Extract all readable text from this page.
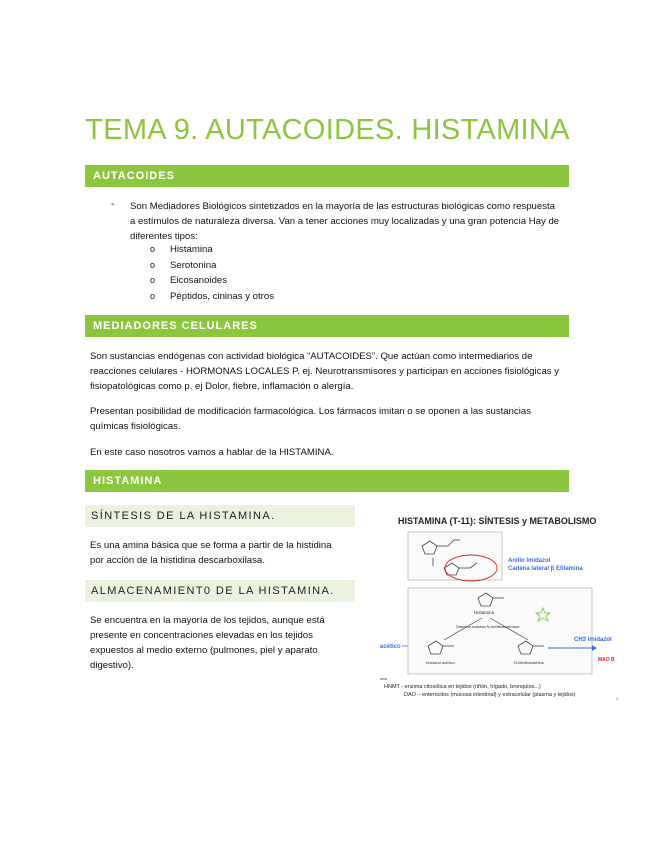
TEMA 9. AUTACOIDES. HISTAMINA
AUTACOIDES
- Son Mediadores Biológicos sintetizados en la mayoría de las estructuras biológicas como respuesta
a estímulos de naturaleza diversa. Van a tener acciones muy localizadas y una gran potencia Hay de
diferentes tipos:
o Histamina
o Serotonina
o Eicosanoides
o Péptidos, cininas y otros
MEDIADORES CELULARES
Son sustancias endógenas con actividad biológica “AUTACOIDES”. Que actúan como intermediarios de
reacciones celulares - HORMONAS LOCALES P. ej. Neurotransmisores y participan en acciones fisiológicas y
fisiopatológicas como p. ej Dolor, fiebre, inflamación o alergía.
Presentan posibilidad de modificación farmacológica. Los fármacos imitan o se oponen a las sustancias
químicas fisiológicas.
En este caso nosotros vamos a hablar de la HISTAMINA.
HISTAMINA
SÍNTESIS DE LA HISTAMINA.
Es una amina básica que se forma a partir de la histidina
por acción de la histidina descarboxilasa.
ALMACENAMIENT0 DE LA HISTAMINA.
Se encuentra en la mayoría de los tejidos, aunque está
presente en concentraciones elevadas en los tejidos
expuestos al medio externo (pulmones, piel y aparato
digestivo).
HISTAMINA (T-11): SÍNTESIS y METABOLISMO
Anillo Imidazol
Cadena lateral β Etilamina
Histamina
Diamina oxidasa N-metiltransferasa
Imidazol acético	N-Metilhistamina
acético
CH3 imidazol
MAO B
ama
HNMT - enzima citosólica en tejidos (riñón, hígado, bronquios...)
DAO – enterocitos (mucosa intestinal) y extracelular (plasma y tejidos)
4
